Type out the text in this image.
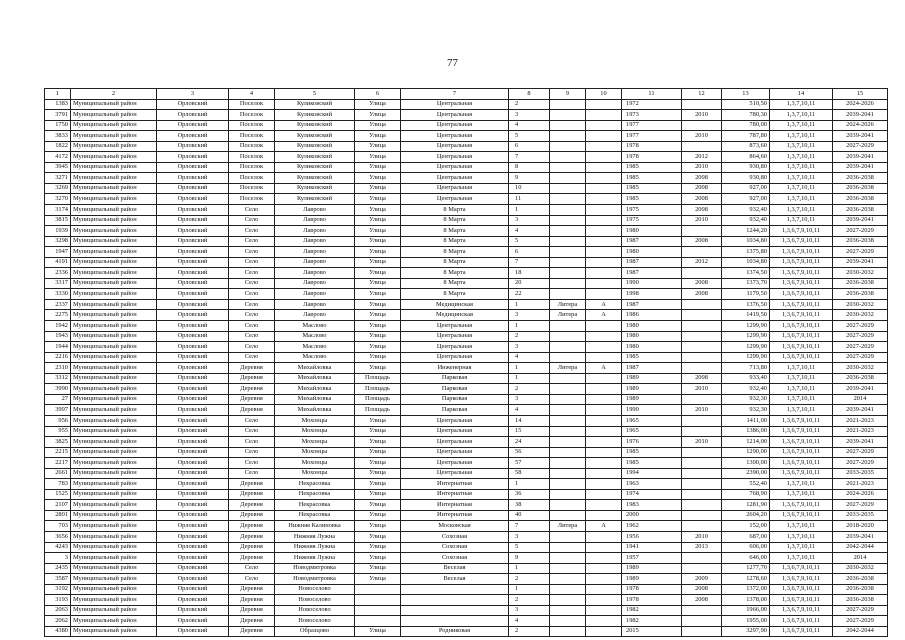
77
1	2	3	4	5	6	7	8	9	10	11	12	13	14	15
1383	Муниципальный район	Орловский	Поселок	Куликовский	Улица	Центральная	2			1972		510,50	1,3,7,10,11	2024-2026
3791	Муниципальный район	Орловский	Поселок	Куликовский	Улица	Центральная	3			1973	2010	780,30	1,3,7,10,11	2039-2041
1750	Муниципальный район	Орловский	Поселок	Куликовский	Улица	Центральная	4			1977		780,00	1,3,7,10,11	2024-2026
3833	Муниципальный район	Орловский	Поселок	Куликовский	Улица	Центральная	5			1977	2010	787,80	1,3,7,10,11	2039-2041
1822	Муниципальный район	Орловский	Поселок	Куликовский	Улица	Центральная	6			1978		873,60	1,3,7,10,11	2027-2029
4172	Муниципальный район	Орловский	Поселок	Куликовский	Улица	Центральная	7			1978	2012	864,60	1,3,7,10,11	2039-2041
3945	Муниципальный район	Орловский	Поселок	Куликовский	Улица	Центральная	8			1985	2010	930,80	1,3,7,10,11	2039-2041
3271	Муниципальный район	Орловский	Поселок	Куликовский	Улица	Центральная	9			1985	2008	930,80	1,3,7,10,11	2036-2038
3269	Муниципальный район	Орловский	Поселок	Куликовский	Улица	Центральная	10			1985	2008	927,00	1,3,7,10,11	2036-2038
3270	Муниципальный район	Орловский	Поселок	Куликовский	Улица	Центральная	11			1985	2008	927,00	1,3,7,10,11	2036-2038
3174	Муниципальный район	Орловский	Село	Лаврово	Улица	8 Марта	1			1975	2008	932,40	1,3,7,10,11	2036-2038
3815	Муниципальный район	Орловский	Село	Лаврово	Улица	8 Марта	3			1975	2010	932,40	1,3,7,10,11	2039-2041
1939	Муниципальный район	Орловский	Село	Лаврово	Улица	8 Марта	4			1980		1244,20	1,3,6,7,9,10,11	2027-2029
3298	Муниципальный район	Орловский	Село	Лаврово	Улица	8 Марта	5			1987	2008	1034,80	1,3,6,7,9,10,11	2036-2038
1947	Муниципальный район	Орловский	Село	Лаврово	Улица	8 Марта	6			1980		1375,80	1,3,6,7,9,10,11	2027-2029
4191	Муниципальный район	Орловский	Село	Лаврово	Улица	8 Марта	7			1987	2012	1034,80	1,3,6,7,9,10,11	2039-2041
2336	Муниципальный район	Орловский	Село	Лаврово	Улица	8 Марта	18			1987		1374,50	1,3,6,7,9,10,11	2030-2032
3317	Муниципальный район	Орловский	Село	Лаврово	Улица	8 Марта	20			1990	2008	1373,70	1,3,6,7,9,10,11	2036-2038
3330	Муниципальный район	Орловский	Село	Лаврово	Улица	8 Марта	22			1998	2008	1179,50	1,3,6,7,9,10,11	2036-2038
2337	Муниципальный район	Орловский	Село	Лаврово	Улица	Медицинская	1	Литера	А	1987		1376,50	1,3,6,7,9,10,11	2030-2032
2275	Муниципальный район	Орловский	Село	Лаврово	Улица	Медицинская	3	Литера	А	1986		1419,50	1,3,6,7,9,10,11	2030-2032
1942	Муниципальный район	Орловский	Село	Маслово	Улица	Центральная	1			1980		1299,90	1,3,6,7,9,10,11	2027-2029
1943	Муниципальный район	Орловский	Село	Маслово	Улица	Центральная	2			1980		1299,90	1,3,6,7,9,10,11	2027-2029
1944	Муниципальный район	Орловский	Село	Маслово	Улица	Центральная	3			1980		1299,90	1,3,6,7,9,10,11	2027-2029
2216	Муниципальный район	Орловский	Село	Маслово	Улица	Центральная	4			1985		1299,90	1,3,6,7,9,10,11	2027-2029
2310	Муниципальный район	Орловский	Деревня	Михайловка	Улица	Инженерная	1	Литера	А	1987		713,80	1,3,7,10,11	2030-2032
3312	Муниципальный район	Орловский	Деревня	Михайловка	Площадь	Парковая	1			1989	2008	933,40	1,3,7,10,11	2036-2038
3990	Муниципальный район	Орловский	Деревня	Михайловка	Площадь	Парковая	2			1989	2010	932,40	1,3,7,10,11	2039-2041
27	Муниципальный район	Орловский	Деревня	Михайловка	Площадь	Парковая	3			1989		932,30	1,3,7,10,11	2014
3997	Муниципальный район	Орловский	Деревня	Михайловка	Площадь	Парковая	4			1990	2010	932,30	1,3,7,10,11	2039-2041
956	Муниципальный район	Орловский	Село	Мохонцы	Улица	Центральная	14			1965		1411,00	1,3,6,7,9,10,11	2021-2023
955	Муниципальный район	Орловский	Село	Мохонцы	Улица	Центральная	15			1965		1386,00	1,3,6,7,9,10,11	2021-2023
3825	Муниципальный район	Орловский	Село	Мохонцы	Улица	Центральная	24			1976	2010	1214,00	1,3,6,7,9,10,11	2039-2041
2215	Муниципальный район	Орловский	Село	Мохонцы	Улица	Центральная	56			1985		1290,00	1,3,6,7,9,10,11	2027-2029
2217	Муниципальный район	Орловский	Село	Мохонцы	Улица	Центральная	57			1985		1300,00	1,3,6,7,9,10,11	2027-2029
2661	Муниципальный район	Орловский	Село	Мохонцы	Улица	Центральная	58			1994		2390,00	1,3,6,7,9,10,11	2033-2035
783	Муниципальный район	Орловский	Деревня	Некрасовка	Улица	Интернатная	1			1963		552,40	1,3,7,10,11	2021-2023
1525	Муниципальный район	Орловский	Деревня	Некрасовка	Улица	Интернатная	36			1974		768,90	1,3,7,10,11	2024-2026
2107	Муниципальный район	Орловский	Деревня	Некрасовка	Улица	Интернатная	38			1983		1281,90	1,3,6,7,9,10,11	2027-2029
2801	Муниципальный район	Орловский	Деревня	Некрасовка	Улица	Интернатная	40			2000		2604,20	1,3,6,7,9,10,11	2033-2035
703	Муниципальный район	Орловский	Деревня	Нижняя Калиновка	Улица	Московская	7	Литера	А	1962		152,00	1,3,7,10,11	2018-2020
3656	Муниципальный район	Орловский	Деревня	Нижняя Лужна	Улица	Сохозная	3			1956	2010	687,00	1,3,7,10,11	2039-2041
4243	Муниципальный район	Орловский	Деревня	Нижняя Лужна	Улица	Сохозная	5			1941	2013	606,00	1,3,7,10,11	2042-2044
3	Муниципальный район	Орловский	Деревня	Нижняя Лужна	Улица	Сохозная	9			1957		646,00	1,3,7,10,11	2014
2435	Муниципальный район	Орловский	Село	Новодмитровка	Улица	Веселая	1			1989		1277,70	1,3,6,7,9,10,11	2030-2032
3587	Муниципальный район	Орловский	Село	Новодмитровка	Улица	Веселая	2			1989	2009	1278,60	1,3,6,7,9,10,11	2036-2038
3192	Муниципальный район	Орловский	Деревня	Новоселово			1			1978	2008	1372,00	1,3,6,7,9,10,11	2036-2038
3193	Муниципальный район	Орловский	Деревня	Новоселово			2			1978	2008	1378,00	1,3,6,7,9,10,11	2036-2038
2063	Муниципальный район	Орловский	Деревня	Новоселово			3			1982		1966,00	1,3,6,7,9,10,11	2027-2029
2062	Муниципальный район	Орловский	Деревня	Новоселово			4			1982		1955,00	1,3,6,7,9,10,11	2027-2029
4380	Муниципальный район	Орловский	Деревня	Образцово	Улица	Родниковая	2			2015		3297,90	1,3,6,7,9,10,11	2042-2044
